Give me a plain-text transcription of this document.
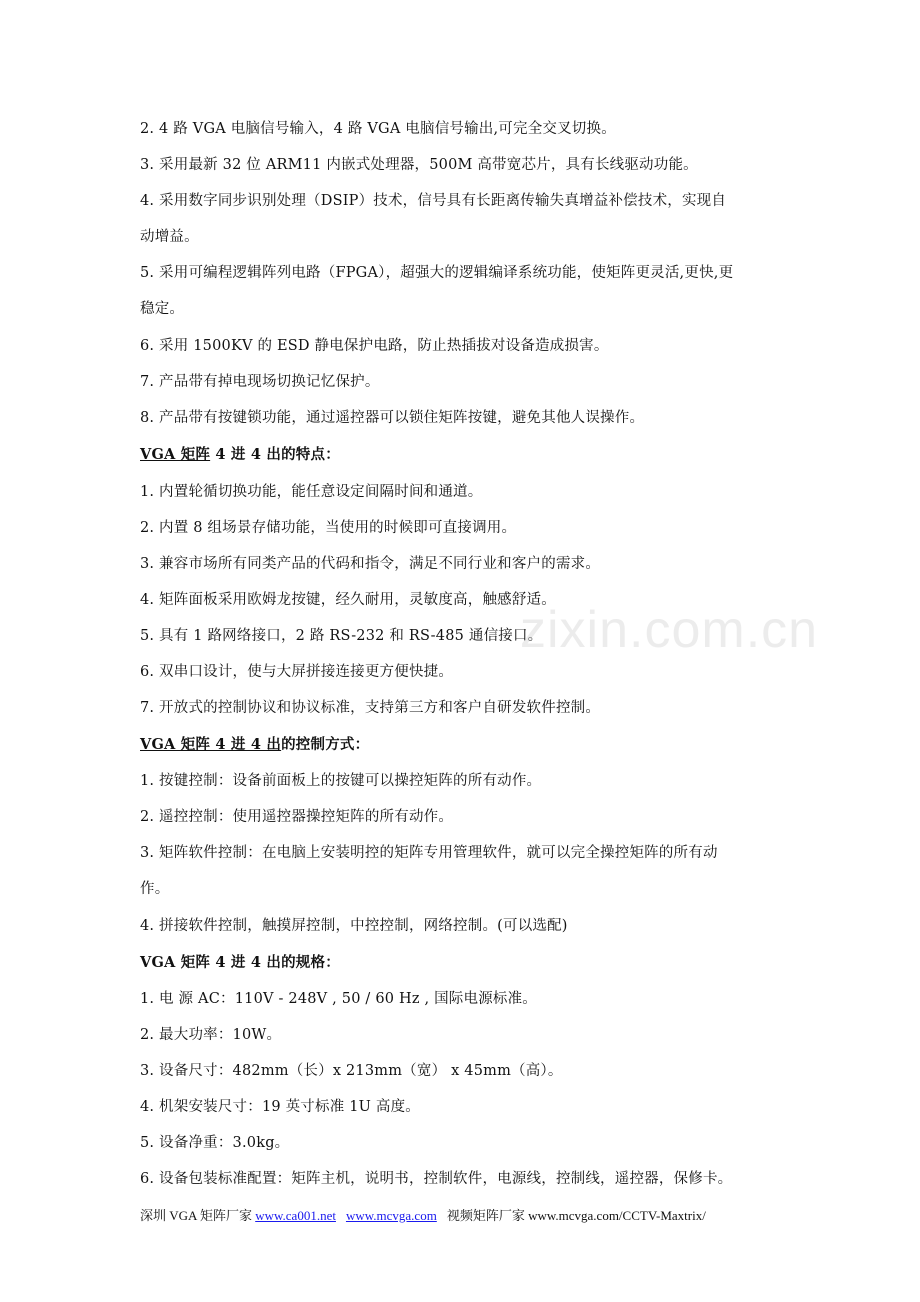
2. 4 路 VGA 电脑信号输入，4 路 VGA 电脑信号输出,可完全交叉切换。
3. 采用最新 32 位 ARM11 内嵌式处理器，500M 高带宽芯片，具有长线驱动功能。
4. 采用数字同步识别处理（DSIP）技术，信号具有长距离传输失真增益补偿技术，实现自
动增益。
5. 采用可编程逻辑阵列电路（FPGA），超强大的逻辑编译系统功能，使矩阵更灵活,更快,更
稳定。
6. 采用 1500KV 的 ESD 静电保护电路，防止热插拔对设备造成损害。
7. 产品带有掉电现场切换记忆保护。
8. 产品带有按键锁功能，通过遥控器可以锁住矩阵按键，避免其他人误操作。
VGA 矩阵 4 进 4 出的特点：
1. 内置轮循切换功能，能任意设定间隔时间和通道。
2. 内置 8 组场景存储功能，当使用的时候即可直接调用。
3. 兼容市场所有同类产品的代码和指令，满足不同行业和客户的需求。
4. 矩阵面板采用欧姆龙按键，经久耐用，灵敏度高，触感舒适。
5. 具有 1 路网络接口，2 路 RS-232 和 RS-485 通信接口。
6. 双串口设计，使与大屏拼接连接更方便快捷。
7. 开放式的控制协议和协议标准，支持第三方和客户自研发软件控制。
VGA 矩阵 4 进 4 出的控制方式：
1. 按键控制：设备前面板上的按键可以操控矩阵的所有动作。
2. 遥控控制：使用遥控器操控矩阵的所有动作。
3. 矩阵软件控制：在电脑上安装明控的矩阵专用管理软件，就可以完全操控矩阵的所有动
作。
4. 拼接软件控制，触摸屏控制，中控控制，网络控制。(可以选配)
VGA 矩阵 4 进 4 出的规格：
1. 电 源 AC：110V - 248V , 50 / 60 Hz , 国际电源标准。
2. 最大功率：10W。
3. 设备尺寸：482mm（长）x 213mm（宽） x 45mm（高）。
4. 机架安装尺寸：19 英寸标准 1U 高度。
5. 设备净重：3.0kg。
6. 设备包装标准配置：矩阵主机，说明书，控制软件，电源线，控制线，遥控器，保修卡。
zixin.com.cn
深圳 VGA 矩阵厂家 www.ca001.net www.mcvga.com 视频矩阵厂家 www.mcvga.com/CCTV-Maxtrix/
